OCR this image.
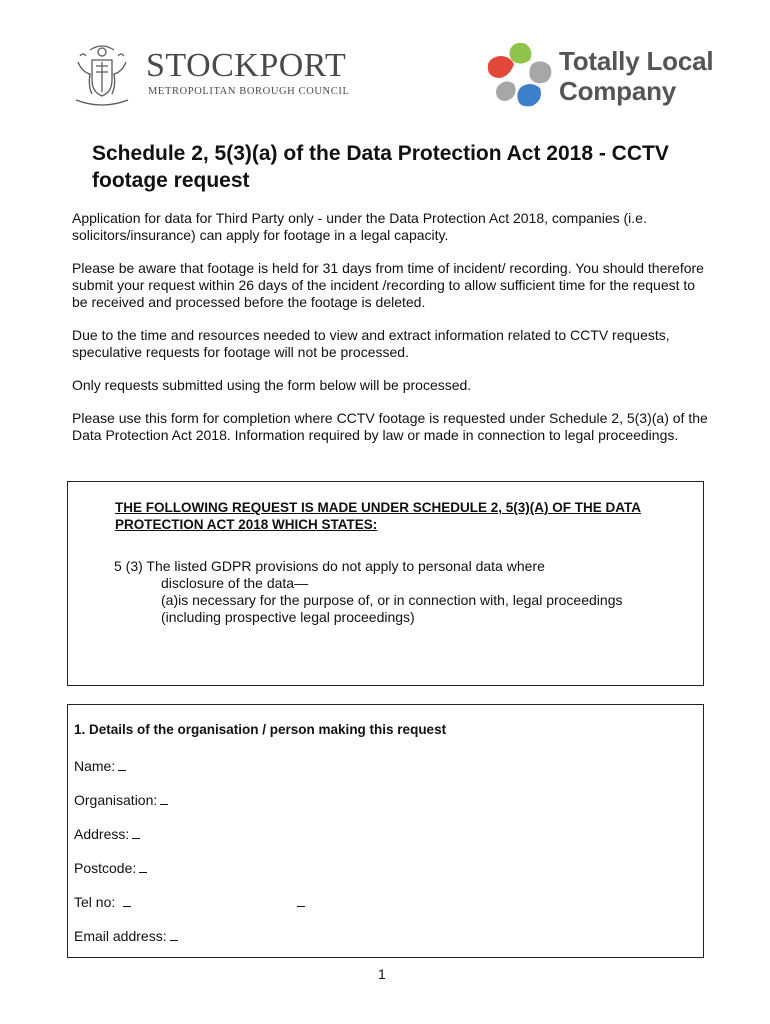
STOCKPORT
METROPOLITAN BOROUGH COUNCIL
Totally Local
Company
Schedule 2, 5(3)(a) of the Data Protection Act 2018 - CCTV footage request

Application for data for Third Party only - under the Data Protection Act 2018, companies (i.e. solicitors/insurance) can apply for footage in a legal capacity.

Please be aware that footage is held for 31 days from time of incident/ recording. You should therefore submit your request within 26 days of the incident /recording to allow sufficient time for the request to be received and processed before the footage is deleted.

Due to the time and resources needed to view and extract information related to CCTV requests, speculative requests for footage will not be processed.

Only requests submitted using the form below will be processed.

Please use this form for completion where CCTV footage is requested under Schedule 2, 5(3)(a) of the Data Protection Act 2018. Information required by law or made in connection to legal proceedings.

THE FOLLOWING REQUEST IS MADE UNDER SCHEDULE 2, 5(3)(A) OF THE DATA PROTECTION ACT 2018 WHICH STATES:
5 (3) The listed GDPR provisions do not apply to personal data where
disclosure of the data—
(a)is necessary for the purpose of, or in connection with, legal proceedings
(including prospective legal proceedings)
1. Details of the organisation / person making this request
Name:
Organisation:
Address:
Postcode:
Tel no:
Email address:
1
